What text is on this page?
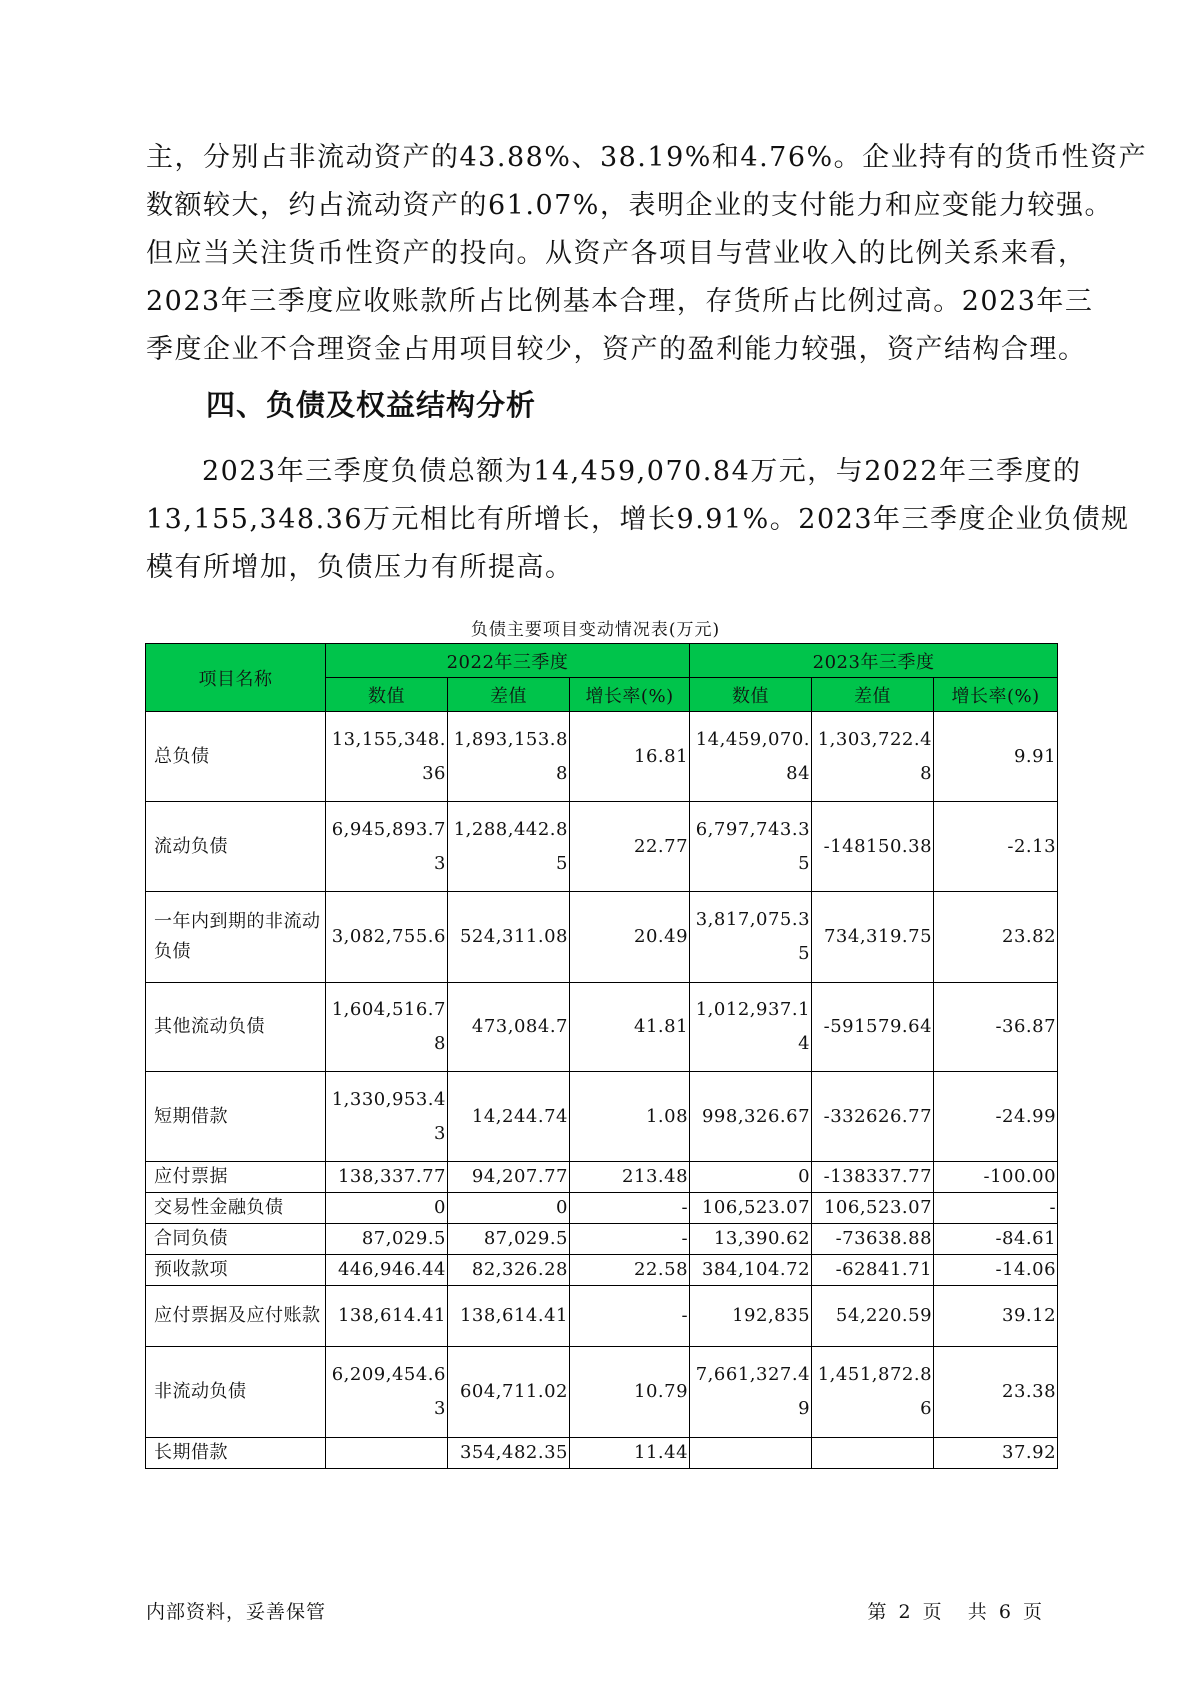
主，分别占非流动资产的43.88%、38.19%和4.76%。企业持有的货币性资产
数额较大，约占流动资产的61.07%，表明企业的支付能力和应变能力较强。
但应当关注货币性资产的投向。从资产各项目与营业收入的比例关系来看，
2023年三季度应收账款所占比例基本合理，存货所占比例过高。2023年三
季度企业不合理资金占用项目较少，资产的盈利能力较强，资产结构合理。
四、负债及权益结构分析
2023年三季度负债总额为14,459,070.84万元，与2022年三季度的
13,155,348.36万元相比有所增长，增长9.91%。2023年三季度企业负债规
模有所增加，负债压力有所提高。
负债主要项目变动情况表(万元)
项目名称	2022年三季度			2023年三季度		
	数值	差值	增长率(%)	数值	差值	增长率(%)
总负债	13,155,348.36	1,893,153.88	16.81	14,459,070.84	1,303,722.48	9.91
流动负债	6,945,893.73	1,288,442.85	22.77	6,797,743.35	-148150.38	-2.13
一年内到期的非流动负债	3,082,755.6	524,311.08	20.49	3,817,075.35	734,319.75	23.82
其他流动负债	1,604,516.78	473,084.7	41.81	1,012,937.14	-591579.64	-36.87
短期借款	1,330,953.43	14,244.74	1.08	998,326.67	-332626.77	-24.99
应付票据	138,337.77	94,207.77	213.48	0	-138337.77	-100.00
交易性金融负债	0	0	-	106,523.07	106,523.07	-
合同负债	87,029.5	87,029.5	-	13,390.62	-73638.88	-84.61
预收款项	446,946.44	82,326.28	22.58	384,104.72	-62841.71	-14.06
应付票据及应付账款	138,614.41	138,614.41	-	192,835	54,220.59	39.12
非流动负债	6,209,454.63	604,711.02	10.79	7,661,327.49	1,451,872.86	23.38
长期借款		354,482.35	11.44			37.92
内部资料，妥善保管	第 2 页 共 6 页
